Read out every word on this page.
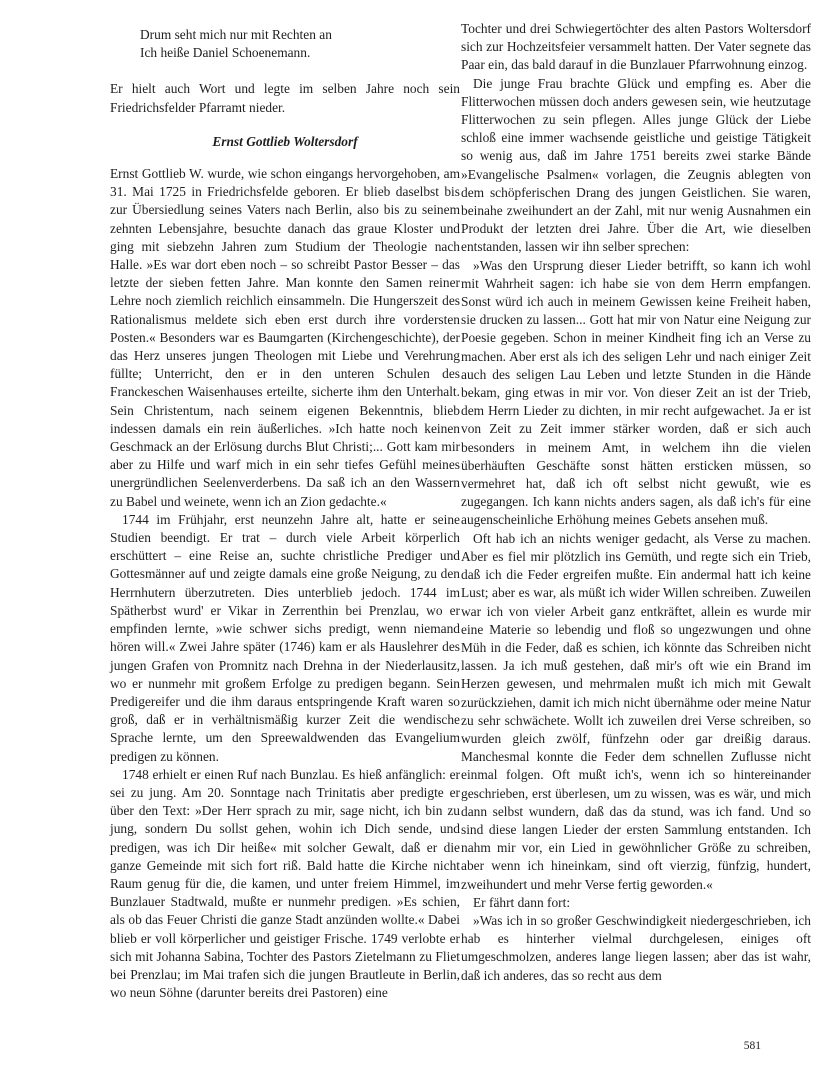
Drum seht mich nur mit Rechten an
Ich heiße Daniel Schoenemann.

Er hielt auch Wort und legte im selben Jahre noch sein Friedrichsfelder Pfarramt nieder.

Ernst Gottlieb Woltersdorf

Ernst Gottlieb W. wurde, wie schon eingangs hervorgehoben, am 31. Mai 1725 in Friedrichsfelde geboren. Er blieb daselbst bis zur Übersiedlung seines Vaters nach Berlin, also bis zu seinem zehnten Lebensjahre, besuchte danach das graue Kloster und ging mit siebzehn Jahren zum Studium der Theologie nach Halle. »Es war dort eben noch – so schreibt Pastor Besser – das letzte der sieben fetten Jahre. Man konnte den Samen reiner Lehre noch ziemlich reichlich einsammeln. Die Hungerszeit des Rationalismus meldete sich eben erst durch ihre vordersten Posten.« Besonders war es Baumgarten (Kirchengeschichte), der das Herz unseres jungen Theologen mit Liebe und Verehrung füllte; Unterricht, den er in den unteren Schulen des Franckeschen Waisenhauses erteilte, sicherte ihm den Unterhalt. Sein Christentum, nach seinem eigenen Bekenntnis, blieb indessen damals ein rein äußerliches. »Ich hatte noch keinen Geschmack an der Erlösung durchs Blut Christi;... Gott kam mir aber zu Hilfe und warf mich in ein sehr tiefes Gefühl meines unergründlichen Seelenverderbens. Da saß ich an den Wassern zu Babel und weinete, wenn ich an Zion gedachte.«

1744 im Frühjahr, erst neunzehn Jahre alt, hatte er seine Studien beendigt. Er trat – durch viele Arbeit körperlich erschüttert – eine Reise an, suchte christliche Prediger und Gottesmänner auf und zeigte damals eine große Neigung, zu den Herrnhutern überzutreten. Dies unterblieb jedoch. 1744 im Spätherbst wurd' er Vikar in Zerrenthin bei Prenzlau, wo er empfinden lernte, »wie schwer sichs predigt, wenn niemand hören will.« Zwei Jahre später (1746) kam er als Hauslehrer des jungen Grafen von Promnitz nach Drehna in der Niederlausitz, wo er nunmehr mit großem Erfolge zu predigen begann. Sein Predigereifer und die ihm daraus entspringende Kraft waren so groß, daß er in verhältnismäßig kurzer Zeit die wendische Sprache lernte, um den Spreewaldwenden das Evangelium predigen zu können.

1748 erhielt er einen Ruf nach Bunzlau. Es hieß anfänglich: er sei zu jung. Am 20. Sonntage nach Trinitatis aber predigte er über den Text: »Der Herr sprach zu mir, sage nicht, ich bin zu jung, sondern Du sollst gehen, wohin ich Dich sende, und predigen, was ich Dir heiße« mit solcher Gewalt, daß er die ganze Gemeinde mit sich fort riß. Bald hatte die Kirche nicht Raum genug für die, die kamen, und unter freiem Himmel, im Bunzlauer Stadtwald, mußte er nunmehr predigen. »Es schien, als ob das Feuer Christi die ganze Stadt anzünden wollte.« Dabei blieb er voll körperlicher und geistiger Frische. 1749 verlobte er sich mit Johanna Sabina, Tochter des Pastors Zietelmann zu Fliet bei Prenzlau; im Mai trafen sich die jungen Brautleute in Berlin, wo neun Söhne (darunter bereits drei Pastoren) eine

Tochter und drei Schwiegertöchter des alten Pastors Woltersdorf sich zur Hochzeitsfeier versammelt hatten. Der Vater segnete das Paar ein, das bald darauf in die Bunzlauer Pfarrwohnung einzog.

Die junge Frau brachte Glück und empfing es. Aber die Flitterwochen müssen doch anders gewesen sein, wie heutzutage Flitterwochen zu sein pflegen. Alles junge Glück der Liebe schloß eine immer wachsende geistliche und geistige Tätigkeit so wenig aus, daß im Jahre 1751 bereits zwei starke Bände »Evangelische Psalmen« vorlagen, die Zeugnis ablegten von dem schöpferischen Drang des jungen Geistlichen. Sie waren, beinahe zweihundert an der Zahl, mit nur wenig Ausnahmen ein Produkt der letzten drei Jahre. Über die Art, wie dieselben entstanden, lassen wir ihn selber sprechen:

»Was den Ursprung dieser Lieder betrifft, so kann ich wohl mit Wahrheit sagen: ich habe sie von dem Herrn empfangen. Sonst würd ich auch in meinem Gewissen keine Freiheit haben, sie drucken zu lassen... Gott hat mir von Natur eine Neigung zur Poesie gegeben. Schon in meiner Kindheit fing ich an Verse zu machen. Aber erst als ich des seligen Lehr und nach einiger Zeit auch des seligen Lau Leben und letzte Stunden in die Hände bekam, ging etwas in mir vor. Von dieser Zeit an ist der Trieb, dem Herrn Lieder zu dichten, in mir recht aufgewachet. Ja er ist von Zeit zu Zeit immer stärker worden, daß er sich auch besonders in meinem Amt, in welchem ihn die vielen überhäuften Geschäfte sonst hätten ersticken müssen, so vermehret hat, daß ich oft selbst nicht gewußt, wie es zugegangen. Ich kann nichts anders sagen, als daß ich's für eine augenscheinliche Erhöhung meines Gebets ansehen muß.

Oft hab ich an nichts weniger gedacht, als Verse zu machen. Aber es fiel mir plötzlich ins Gemüth, und regte sich ein Trieb, daß ich die Feder ergreifen mußte. Ein andermal hatt ich keine Lust; aber es war, als müßt ich wider Willen schreiben. Zuweilen war ich von vieler Arbeit ganz entkräftet, allein es wurde mir eine Materie so lebendig und floß so ungezwungen und ohne Müh in die Feder, daß es schien, ich könnte das Schreiben nicht lassen. Ja ich muß gestehen, daß mir's oft wie ein Brand im Herzen gewesen, und mehrmalen mußt ich mich mit Gewalt zurückziehen, damit ich mich nicht übernähme oder meine Natur zu sehr schwächete. Wollt ich zuweilen drei Verse schreiben, so wurden gleich zwölf, fünfzehn oder gar dreißig daraus. Manchesmal konnte die Feder dem schnellen Zuflusse nicht einmal folgen. Oft mußt ich's, wenn ich so hintereinander geschrieben, erst überlesen, um zu wissen, was es wär, und mich dann selbst wundern, daß das da stund, was ich fand. Und so sind diese langen Lieder der ersten Sammlung entstanden. Ich nahm mir vor, ein Lied in gewöhnlicher Größe zu schreiben, aber wenn ich hineinkam, sind oft vierzig, fünfzig, hundert, zweihundert und mehr Verse fertig geworden.«

Er fährt dann fort:

»Was ich in so großer Geschwindigkeit niedergeschrieben, ich hab es hinterher vielmal durchgelesen, einiges oft umgeschmolzen, anderes lange liegen lassen; aber das ist wahr, daß ich anderes, das so recht aus dem

581
